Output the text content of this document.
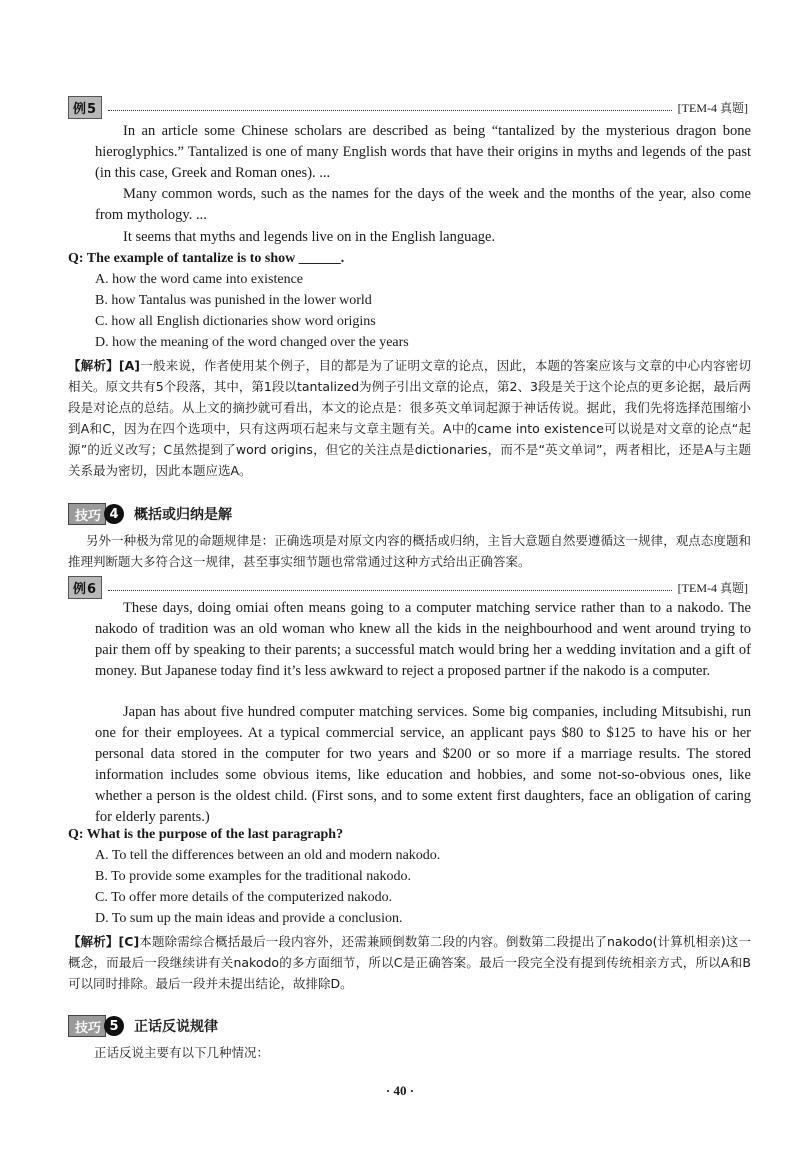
例5	[TEM-4 真题]

In an article some Chinese scholars are described as being “tantalized by the mysterious dragon bone hieroglyphics.” Tantalized is one of many English words that have their origins in myths and legends of the past (in this case, Greek and Roman ones). ...

Many common words, such as the names for the days of the week and the months of the year, also come from mythology. ...

It seems that myths and legends live on in the English language.

Q: The example of tantalize is to show ______.

A. how the word came into existence

B. how Tantalus was punished in the lower world

C. how all English dictionaries show word origins

D. how the meaning of the word changed over the years

【解析】[A]一般来说，作者使用某个例子，目的都是为了证明文章的论点，因此，本题的答案应该与文章的中心内容密切相关。原文共有5个段落，其中，第1段以tantalized为例子引出文章的论点，第2、3段是关于这个论点的更多论据，最后两段是对论点的总结。从上文的摘抄就可看出，本文的论点是：很多英文单词起源于神话传说。据此，我们先将选择范围缩小到A和C，因为在四个选项中，只有这两项石起来与文章主题有关。A中的came into existence可以说是对文章的论点“起源”的近义改写；C虽然提到了word origins，但它的关注点是dictionaries，而不是“英文单词”，两者相比，还是A与主题关系最为密切，因此本题应选A。

技巧 4	概括或归纳是解

另外一种极为常见的命题规律是：正确选项是对原文内容的概括或归纳，主旨大意题自然要遵循这一规律，观点态度题和推理判断题大多符合这一规律，甚至事实细节题也常常通过这种方式给出正确答案。

例6	[TEM-4 真题]

These days, doing omiai often means going to a computer matching service rather than to a nakodo. The nakodo of tradition was an old woman who knew all the kids in the neighbourhood and went around trying to pair them off by speaking to their parents; a successful match would bring her a wedding invitation and a gift of money. But Japanese today find it’s less awkward to reject a proposed partner if the nakodo is a computer.

Japan has about five hundred computer matching services. Some big companies, including Mitsubishi, run one for their employees. At a typical commercial service, an applicant pays $80 to $125 to have his or her personal data stored in the computer for two years and $200 or so more if a marriage results. The stored information includes some obvious items, like education and hobbies, and some not-so-obvious ones, like whether a person is the oldest child. (First sons, and to some extent first daughters, face an obligation of caring for elderly parents.)

Q: What is the purpose of the last paragraph?

A. To tell the differences between an old and modern nakodo.

B. To provide some examples for the traditional nakodo.

C. To offer more details of the computerized nakodo.

D. To sum up the main ideas and provide a conclusion.

【解析】[C]本题除需综合概括最后一段内容外，还需兼顾倒数第二段的内容。倒数第二段提出了nakodo(计算机相亲)这一概念，而最后一段继续讲有关nakodo的多方面细节，所以C是正确答案。最后一段完全没有提到传统相亲方式，所以A和B可以同时排除。最后一段并未提出结论，故排除D。

技巧 5	正话反说规律

正话反说主要有以下几种情况：

· 40 ·
